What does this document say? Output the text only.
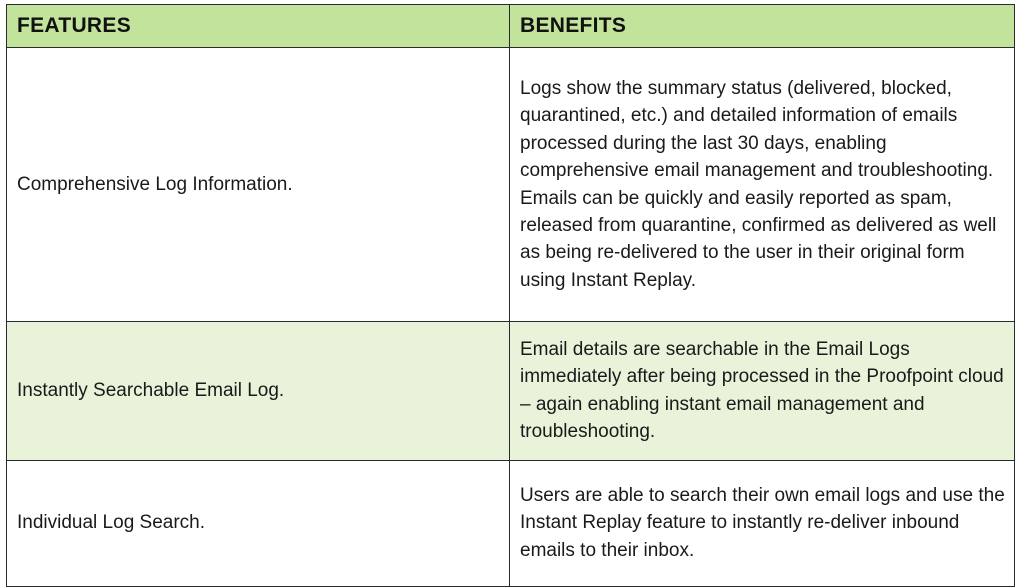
FEATURES	BENEFITS
Comprehensive Log Information.	Logs show the summary status (delivered, blocked, quarantined, etc.) and detailed information of emails processed during the last 30 days, enabling comprehensive email management and troubleshooting.
Emails can be quickly and easily reported as spam, released from quarantine, confirmed as delivered as well as being re-delivered to the user in their original form using Instant Replay.

Instantly Searchable Email Log.	Email details are searchable in the Email Logs immediately after being processed in the Proofpoint cloud – again enabling instant email management and troubleshooting.

Individual Log Search.	Users are able to search their own email logs and use the Instant Replay feature to instantly re-deliver inbound emails to their inbox.
